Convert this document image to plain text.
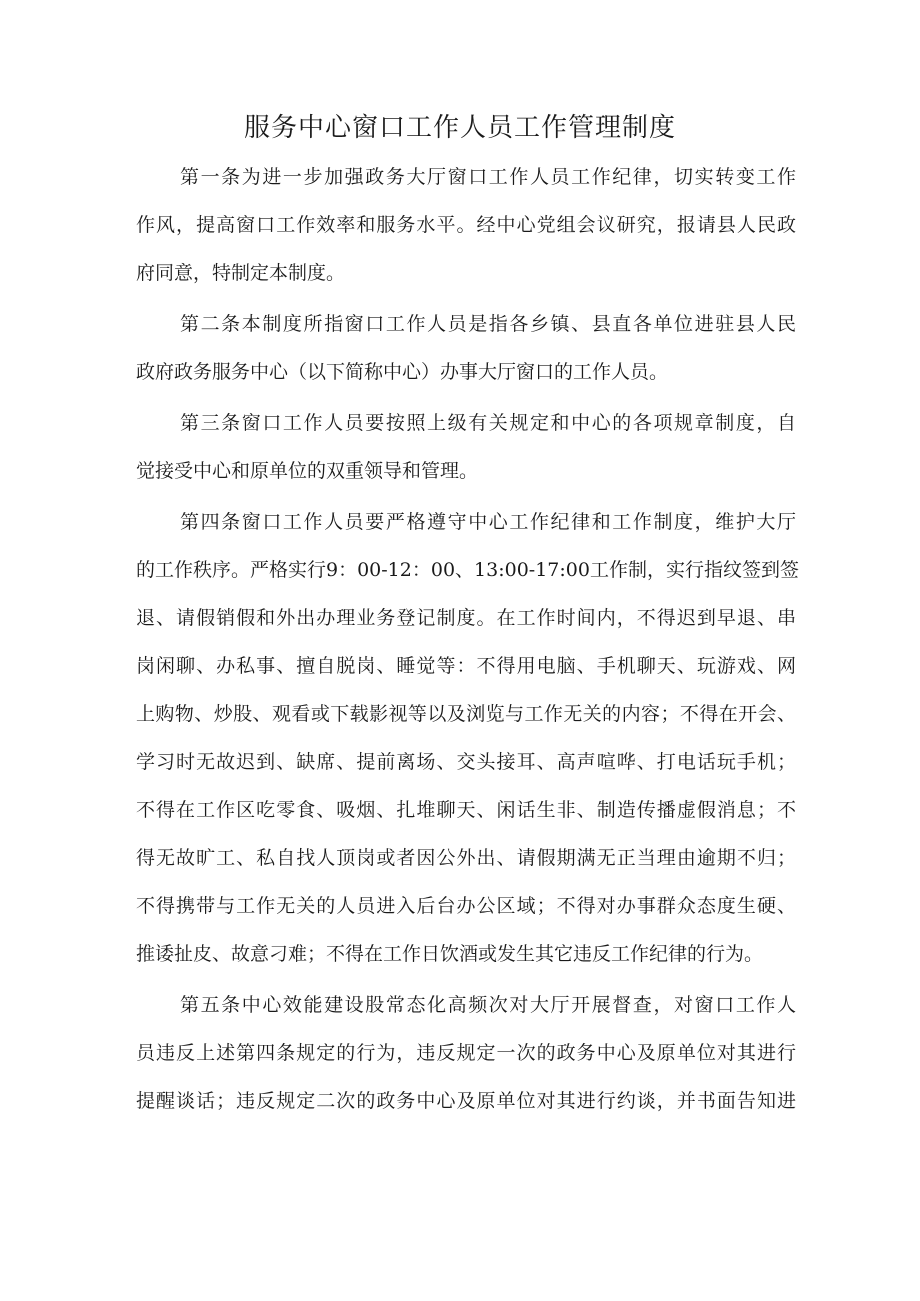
服务中心窗口工作人员工作管理制度

第一条为进一步加强政务大厅窗口工作人员工作纪律，切实转变工作

作风，提高窗口工作效率和服务水平。经中心党组会议研究，报请县人民政

府同意，特制定本制度。

第二条本制度所指窗口工作人员是指各乡镇、县直各单位进驻县人民

政府政务服务中心（以下简称中心）办事大厅窗口的工作人员。

第三条窗口工作人员要按照上级有关规定和中心的各项规章制度，自

觉接受中心和原单位的双重领导和管理。

第四条窗口工作人员要严格遵守中心工作纪律和工作制度，维护大厅

的工作秩序。严格实行9：00-12：00、13:00-17:00工作制，实行指纹签到签

退、请假销假和外出办理业务登记制度。在工作时间内，不得迟到早退、串

岗闲聊、办私事、擅自脱岗、睡觉等：不得用电脑、手机聊天、玩游戏、网

上购物、炒股、观看或下载影视等以及浏览与工作无关的内容；不得在开会、

学习时无故迟到、缺席、提前离场、交头接耳、高声喧哗、打电话玩手机；

不得在工作区吃零食、吸烟、扎堆聊天、闲话生非、制造传播虚假消息；不

得无故旷工、私自找人顶岗或者因公外出、请假期满无正当理由逾期不归；

不得携带与工作无关的人员进入后台办公区域；不得对办事群众态度生硬、

推诿扯皮、故意刁难；不得在工作日饮酒或发生其它违反工作纪律的行为。

第五条中心效能建设股常态化高频次对大厅开展督查，对窗口工作人

员违反上述第四条规定的行为，违反规定一次的政务中心及原单位对其进行

提醒谈话；违反规定二次的政务中心及原单位对其进行约谈，并书面告知进
